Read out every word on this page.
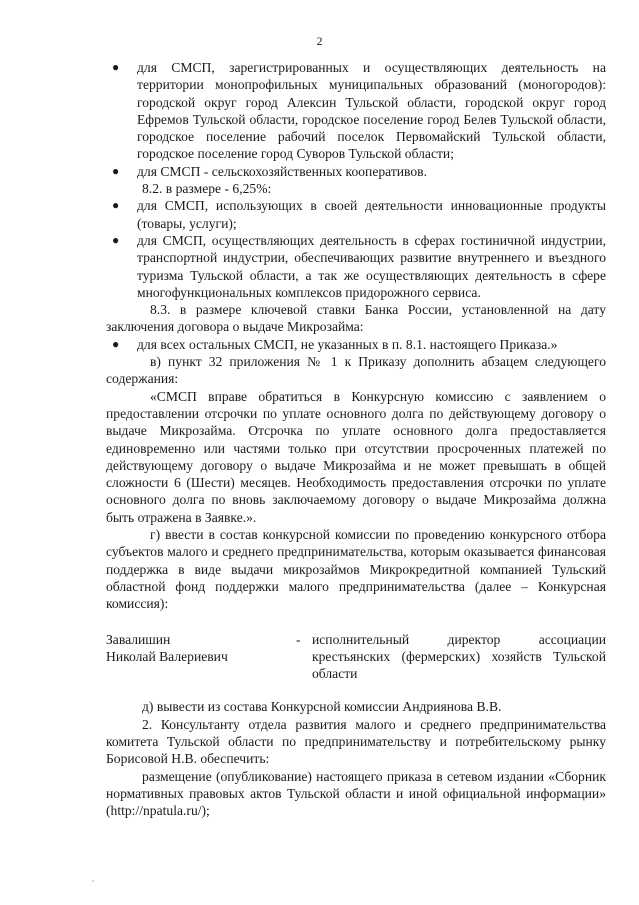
2

● для СМСП, зарегистрированных и осуществляющих деятельность на территории монопрофильных муниципальных образований (моногородов): городской округ город Алексин Тульской области, городской округ город Ефремов Тульской области, городское поселение город Белев Тульской области, городское поселение рабочий поселок Первомайский Тульской области, городское поселение город Суворов Тульской области;

● для СМСП - сельскохозяйственных кооперативов.

8.2. в размере - 6,25%:

● для СМСП, использующих в своей деятельности инновационные продукты (товары, услуги);

● для СМСП, осуществляющих деятельность в сферах гостиничной индустрии, транспортной индустрии, обеспечивающих развитие внутреннего и въездного туризма Тульской области, а так же осуществляющих деятельность в сфере многофункциональных комплексов придорожного сервиса.

8.3. в размере ключевой ставки Банка России, установленной на дату заключения договора о выдаче Микрозайма:

● для всех остальных СМСП, не указанных в п. 8.1. настоящего Приказа.»

в) пункт 32 приложения № 1 к Приказу дополнить абзацем следующего содержания:

«СМСП вправе обратиться в Конкурсную комиссию с заявлением о предоставлении отсрочки по уплате основного долга по действующему договору о выдаче Микрозайма. Отсрочка по уплате основного долга предоставляется единовременно или частями только при отсутствии просроченных платежей по действующему договору о выдаче Микрозайма и не может превышать в общей сложности 6 (Шести) месяцев. Необходимость предоставления отсрочки по уплате основного долга по вновь заключаемому договору о выдаче Микрозайма должна быть отражена в Заявке.».

г) ввести в состав конкурсной комиссии по проведению конкурсного отбора субъектов малого и среднего предпринимательства, которым оказывается финансовая поддержка в виде выдачи микрозаймов Микрокредитной компанией Тульский областной фонд поддержки малого предпринимательства (далее – Конкурсная комиссия):

Завалишин
Николай Валериевич
- исполнительный директор ассоциации крестьянских (фермерских) хозяйств Тульской области

д) вывести из состава Конкурсной комиссии Андриянова В.В.

2. Консультанту отдела развития малого и среднего предпринимательства комитета Тульской области по предпринимательству и потребительскому рынку Борисовой Н.В. обеспечить:

размещение (опубликование) настоящего приказа в сетевом издании «Сборник нормативных правовых актов Тульской области и иной официальной информации» (http://npatula.ru/);
